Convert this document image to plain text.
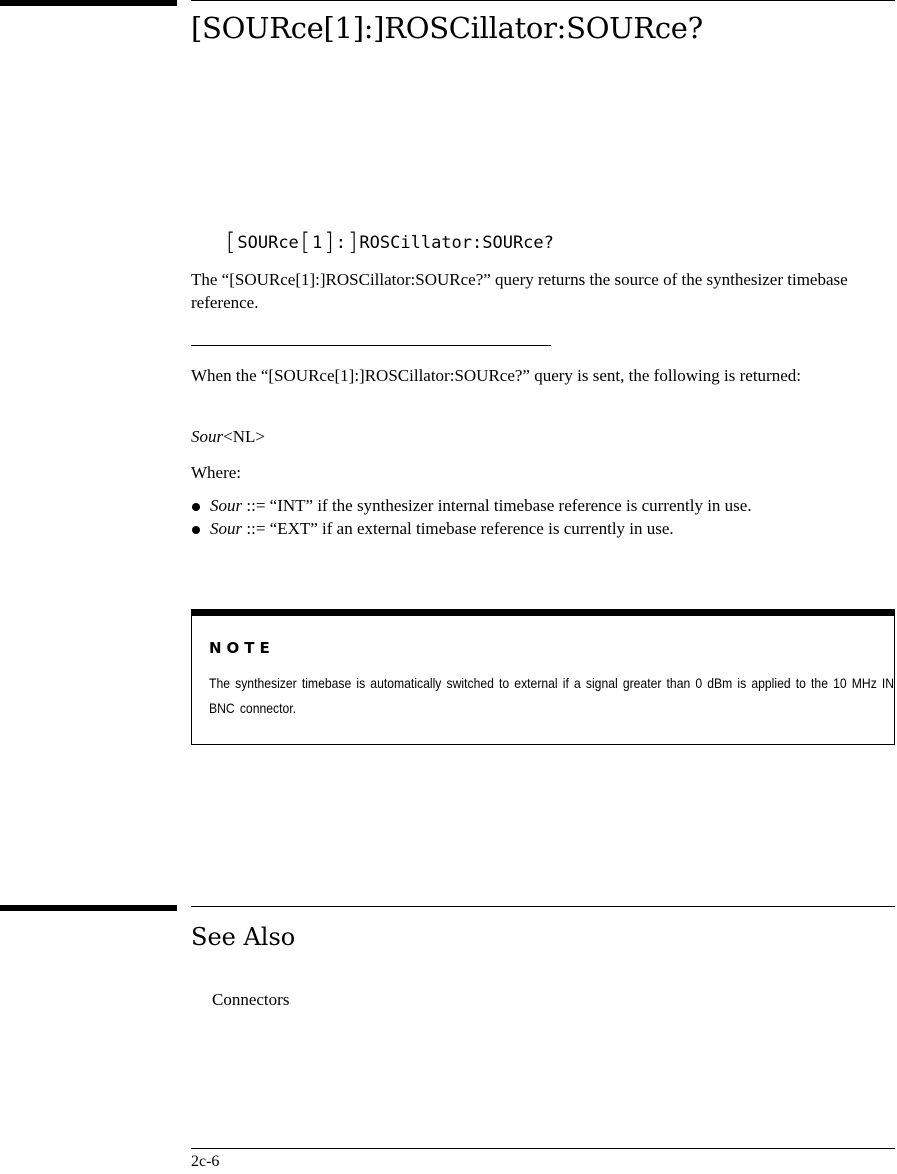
[SOURce[1]:]ROSCillator:SOURce?
[ SOURce [ 1 ] : ] ROSCillator:SOURce?
The “[SOURce[1]:]ROSCillator:SOURce?” query returns the source of the synthesizer timebase reference.
When the “[SOURce[1]:]ROSCillator:SOURce?” query is sent, the following is returned:
Sour<NL>
Where:
Sour ::= “INT” if the synthesizer internal timebase reference is currently in use.
Sour ::= “EXT” if an external timebase reference is currently in use.
NOTE
The synthesizer timebase is automatically switched to external if a signal greater than 0 dBm is applied to the 10 MHz IN BNC connector.
See Also
Connectors
2c-6
